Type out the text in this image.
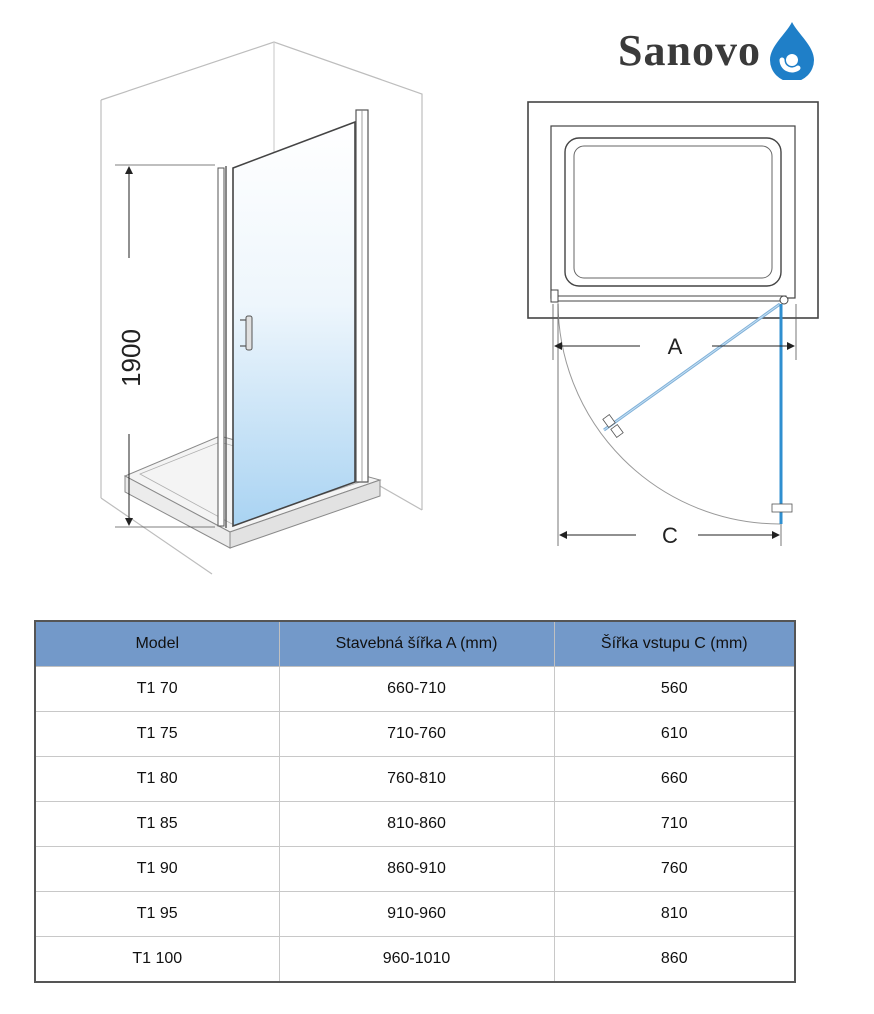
Sanovo
1900	A
C
Model	Stavebná šířka A (mm)	Šířka vstupu C (mm)
T1 70	660-710	560
T1 75	710-760	610
T1 80	760-810	660
T1 85	810-860	710
T1 90	860-910	760
T1 95	910-960	810
T1 100	960-1010	860
